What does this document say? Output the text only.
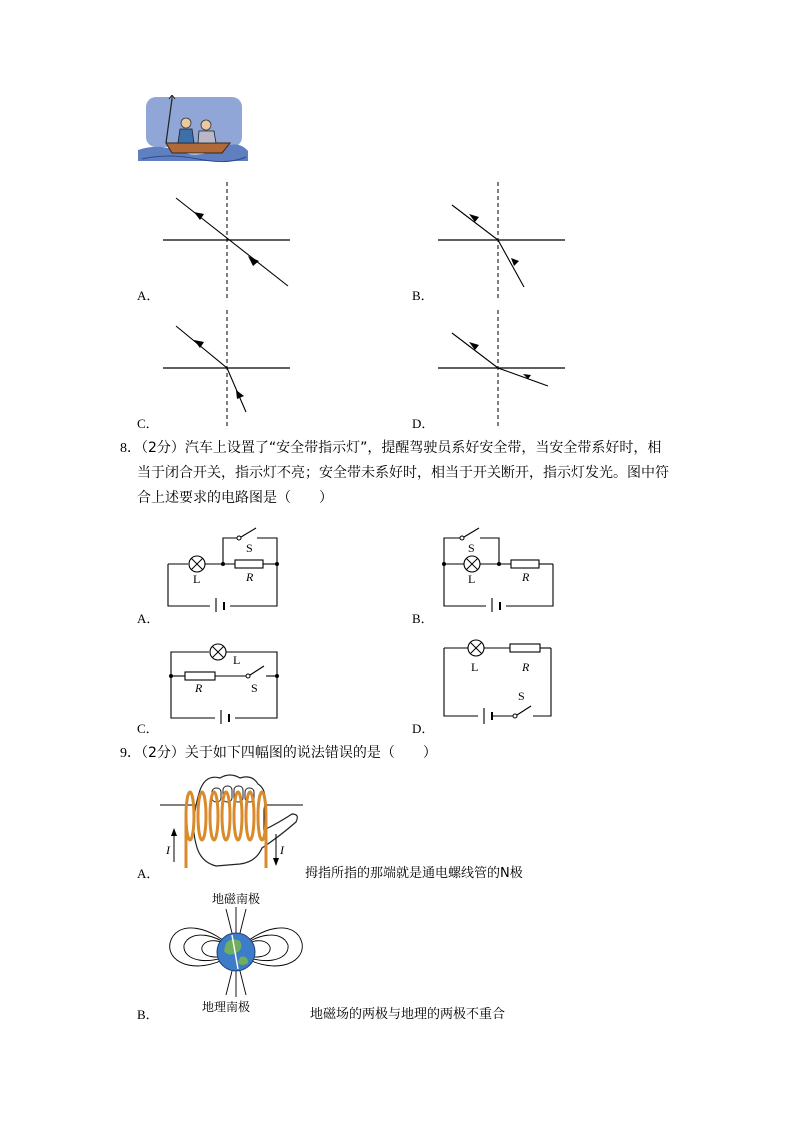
A．	B．
C．	D．
8．（2分）汽车上设置了“安全带指示灯”，提醒驾驶员系好安全带，当安全带系好时，相
当于闭合开关，指示灯不亮；安全带未系好时，相当于开关断开，指示灯发光。图中符
合上述要求的电路图是（　　）
S
L	R
A．
S
L	R
B．
L
R	S
C．
L	R
S
D．
9．（2分）关于如下四幅图的说法错误的是（　　）
I	I
A．	拇指所指的那端就是通电螺线管的N极
地磁南极
地理南极
B．	地磁场的两极与地理的两极不重合
